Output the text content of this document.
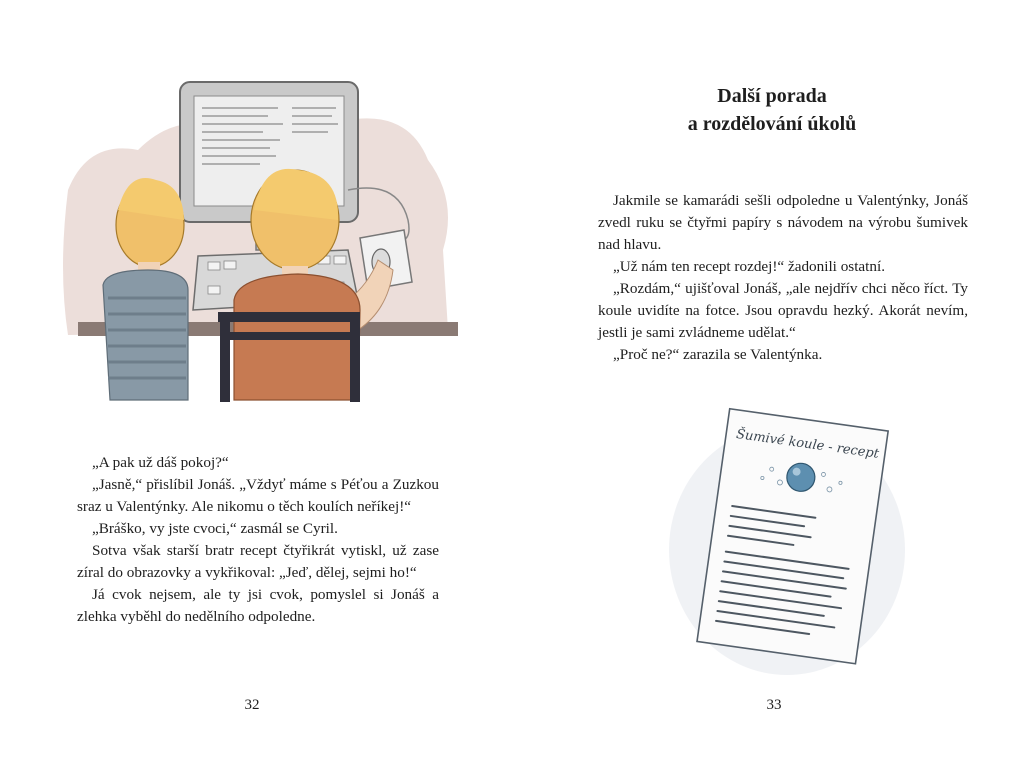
„A pak už dáš pokoj?“

„Jasně,“ přislíbil Jonáš. „Vždyť máme s Péťou a Zuzkou sraz u Valentýnky. Ale nikomu o těch koulích neříkej!“

„Bráško, vy jste cvoci,“ zasmál se Cyril.

Sotva však starší bratr recept čtyřikrát vytiskl, už zase zíral do obrazovky a vykřikoval: „Jeď, dělej, sejmi ho!“

Já cvok nejsem, ale ty jsi cvok, pomyslel si Jonáš a zlehka vyběhl do nedělního odpoledne.

32
Další porada
a rozdělování úkolů

Jakmile se kamarádi sešli odpoledne u Valentýnky, Jonáš zvedl ruku se čtyřmi papíry s návodem na výrobu šumivek nad hlavu.

„Už nám ten recept rozdej!“ žadonili ostatní.

„Rozdám,“ ujišťoval Jonáš, „ale nejdřív chci něco říct. Ty koule uvidíte na fotce. Jsou opravdu hezký. Akorát nevím, jestli je sami zvládneme udělat.“

„Proč ne?“ zarazila se Valentýnka.

Šumivé koule - recept
33
